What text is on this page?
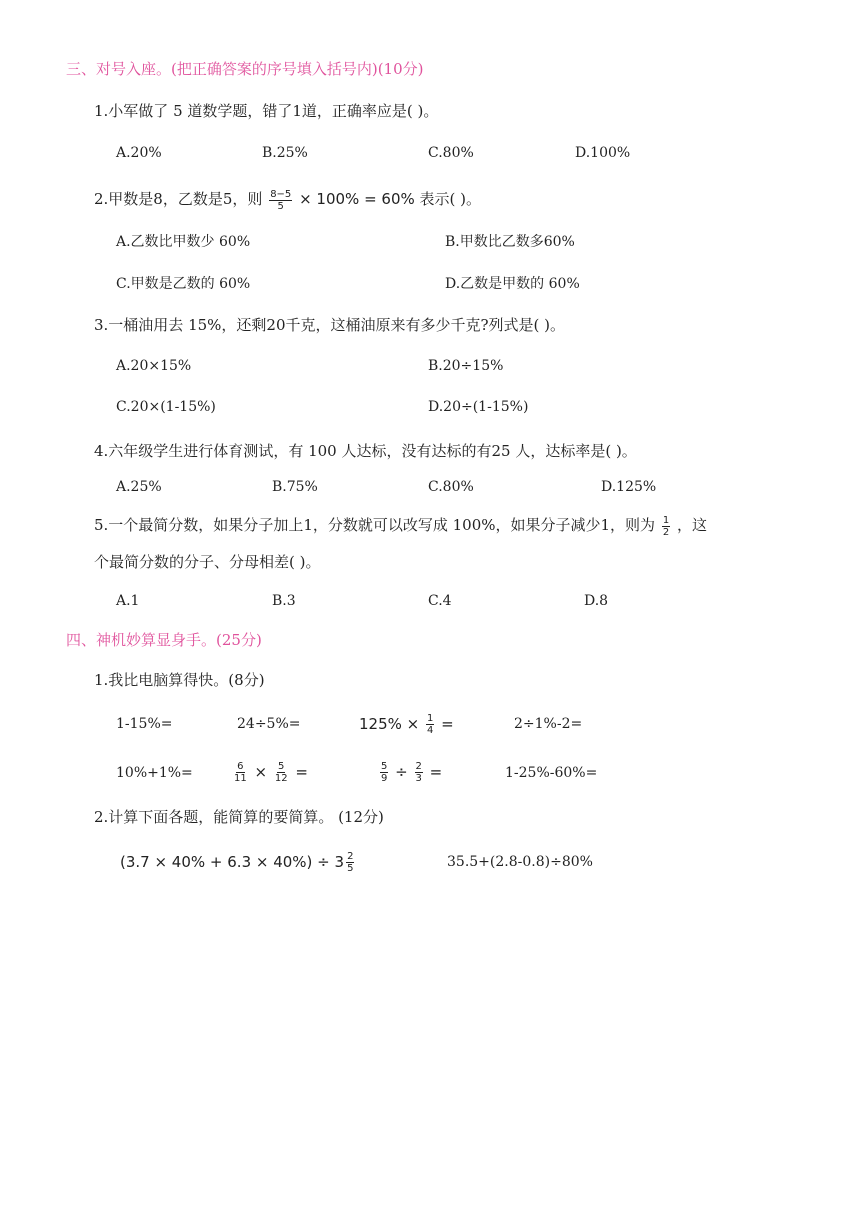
三、对号入座。(把正确答案的序号填入括号内)(10分)
1.小军做了 5 道数学题，错了1道，正确率应是( )。
A.20%	B.25%	C.80%	D.100%
2.甲数是8，乙数是5，则 $\frac{8-5}{5} \times 100\% = 60\%$ 表示( )。
A.乙数比甲数少 60%	B.甲数比乙数多60%
C.甲数是乙数的 60%	D.乙数是甲数的 60%
3.一桶油用去 15%，还剩20千克，这桶油原来有多少千克?列式是( )。
A.20×15%	B.20÷15%
C.20×(1-15%)	D.20÷(1-15%)
4.六年级学生进行体育测试，有 100 人达标，没有达标的有25 人，达标率是( )。
A.25%	B.75%	C.80%	D.125%
5.一个最简分数，如果分子加上1，分数就可以改写成 100%，如果分子减少1，则为 $\frac{1}{2}$ ，这
个最简分数的分子、分母相差( )。
A.1	B.3	C.4	D.8
四、神机妙算显身手。(25分)
1.我比电脑算得快。(8分)
1-15%=	24÷5%=	$125\% \times \frac{1}{4}$ =	2÷1%-2=
10%+1%=	$\frac{6}{11} \times \frac{5}{12}$ =	$\frac{5}{9} \div \frac{2}{3}$ =	1-25%-60%=
2.计算下面各题，能简算的要简算。 (12分)
$(3.7 \times 40\% + 6.3 \times 40\%) \div 3 \frac{2}{5}$	35.5+(2.8-0.8)÷80%
